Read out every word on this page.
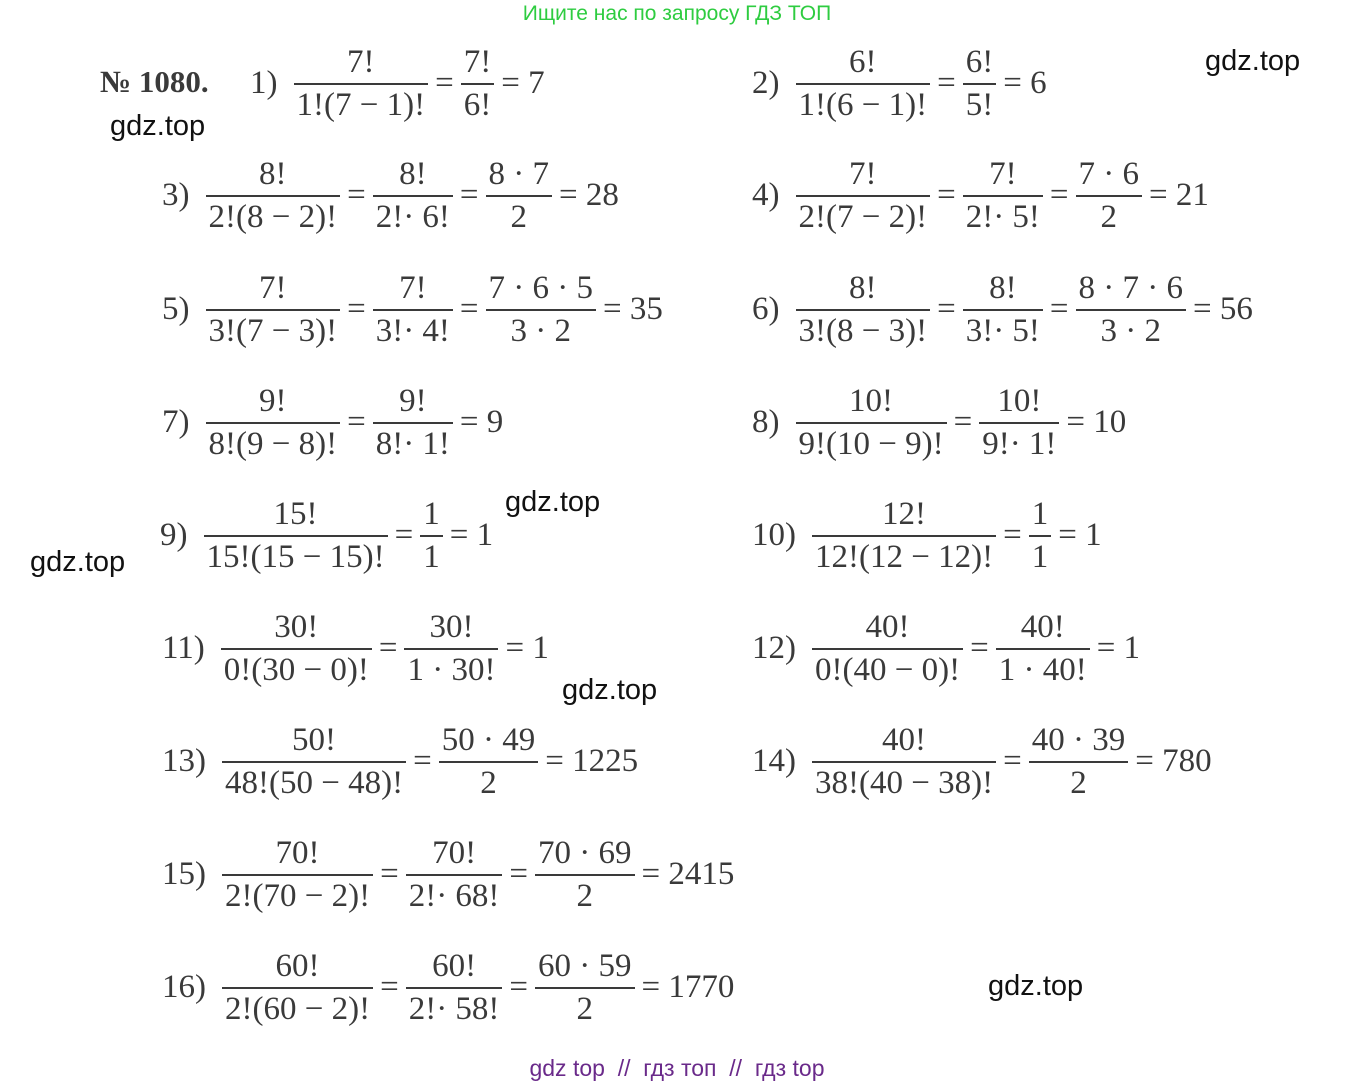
Ищите нас по запросу ГДЗ ТОП
№ 1080. $1) \frac{7!}{1!(7 - 1)!} = \frac{7!}{6!} = 7$	$2) \frac{6!}{1!(6 - 1)!} = \frac{6!}{5!} = 6$
$3) \frac{8!}{2!(8 - 2)!} = \frac{8!}{2!\cdot 6!} = \frac{8 \cdot 7}{2} = 28$	$4) \frac{7!}{2!(7 - 2)!} = \frac{7!}{2!\cdot 5!} = \frac{7 \cdot 6}{2} = 21$
$5) \frac{7!}{3!(7 - 3)!} = \frac{7!}{3!\cdot 4!} = \frac{7 \cdot 6 \cdot 5}{3 \cdot 2} = 35$	$6) \frac{8!}{3!(8 - 3)!} = \frac{8!}{3!\cdot 5!} = \frac{8 \cdot 7 \cdot 6}{3 \cdot 2} = 56$
$7) \frac{9!}{8!(9 - 8)!} = \frac{9!}{8!\cdot 1!} = 9$	$8) \frac{10!}{9!(10 - 9)!} = \frac{10!}{9!\cdot 1!} = 10$
$9) \frac{15!}{15!(15 - 15)!} = \frac{1}{1} = 1$	$10) \frac{12!}{12!(12 - 12)!} = \frac{1}{1} = 1$
$11) \frac{30!}{0!(30 - 0)!} = \frac{30!}{1 \cdot 30!} = 1$	$12) \frac{40!}{0!(40 - 0)!} = \frac{40!}{1 \cdot 40!} = 1$
$13) \frac{50!}{48!(50 - 48)!} = \frac{50 \cdot 49}{2} = 1225$	$14) \frac{40!}{38!(40 - 38)!} = \frac{40 \cdot 39}{2} = 780$
$15) \frac{70!}{2!(70 - 2)!} = \frac{70!}{2!\cdot 68!} = \frac{70 \cdot 69}{2} = 2415$
$16) \frac{60!}{2!(60 - 2)!} = \frac{60!}{2!\cdot 58!} = \frac{60 \cdot 59}{2} = 1770$
gdz.top
gdz.top
gdz.top
gdz.top
gdz.top
gdz.top
gdz top  //  гдз топ  //  гдз top
